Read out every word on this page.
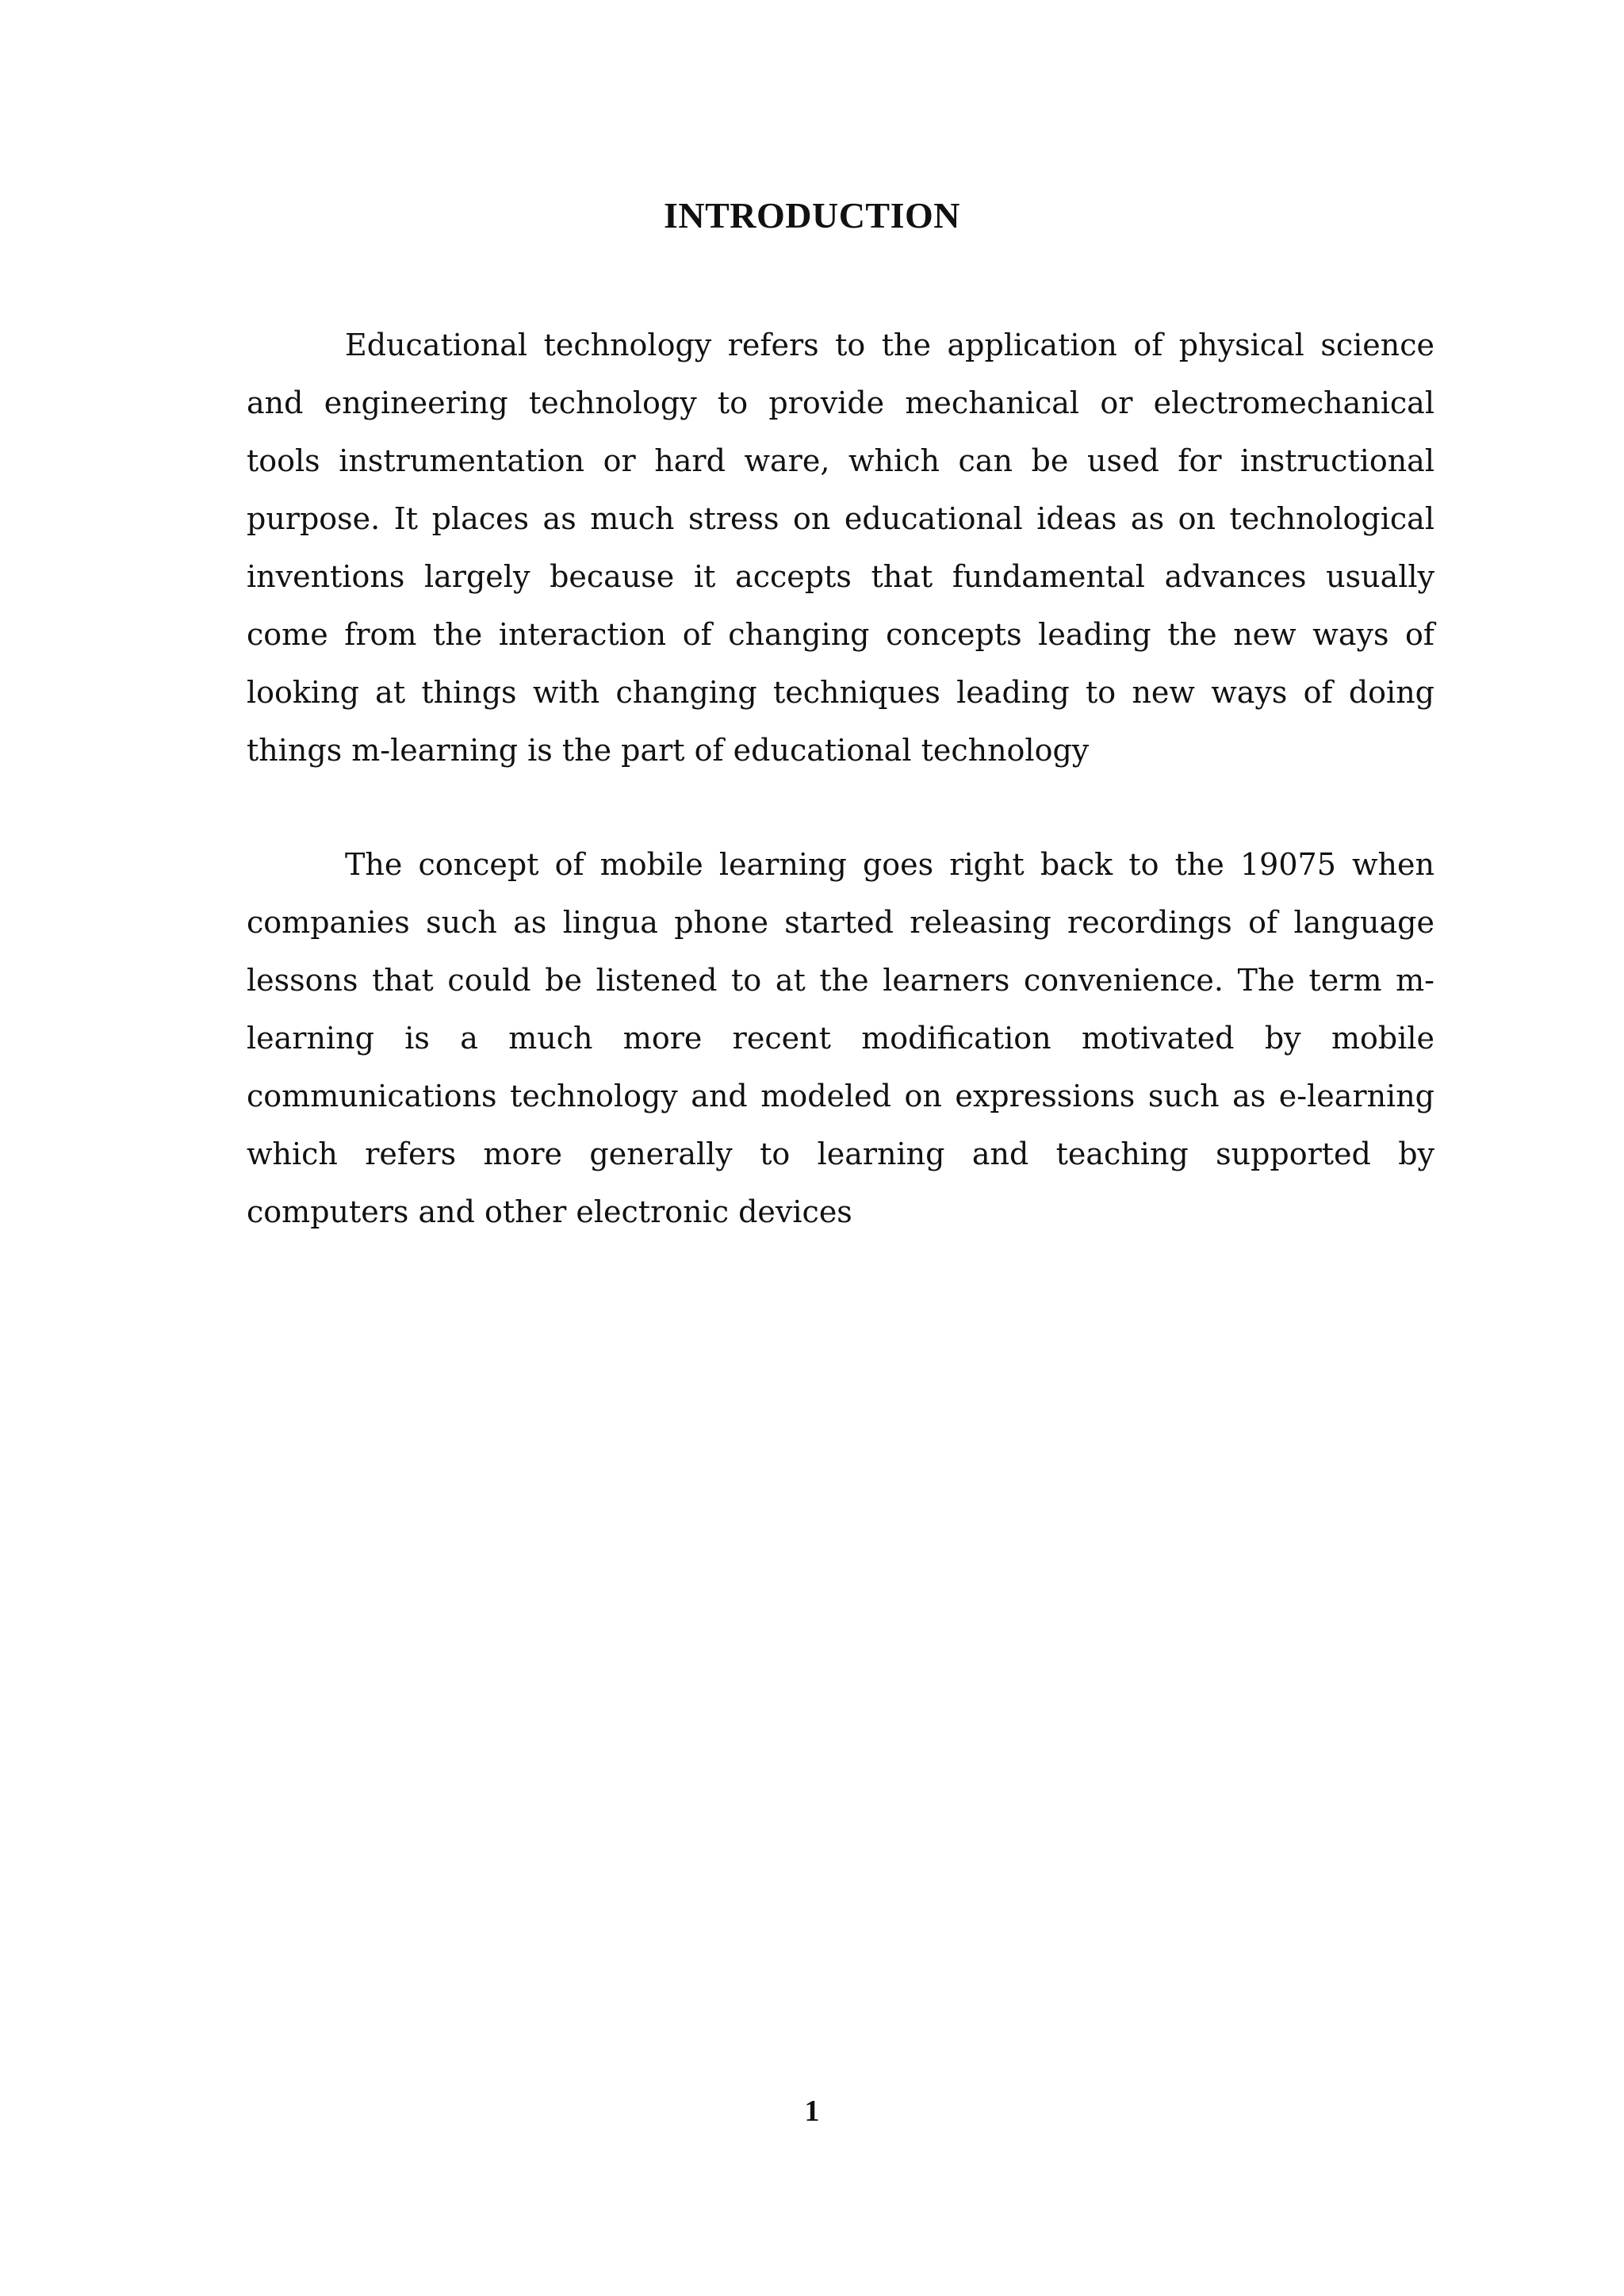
INTRODUCTION

Educational technology refers to the application of physical science and engineering technology to provide mechanical or electromechanical tools instrumentation or hard ware, which can be used for instructional purpose. It places as much stress on educational ideas as on technological inventions largely because it accepts that fundamental advances usually come from the interaction of changing concepts leading the new ways of looking at things with changing techniques leading to new ways of doing things m-learning is the part of educational technology

The concept of mobile learning goes right back to the 19075 when companies such as lingua phone started releasing recordings of language lessons that could be listened to at the learners convenience. The term m-learning is a much more recent modification motivated by mobile communications technology and modeled on expressions such as e-learning which refers more generally to learning and teaching supported by computers and other electronic devices

1
